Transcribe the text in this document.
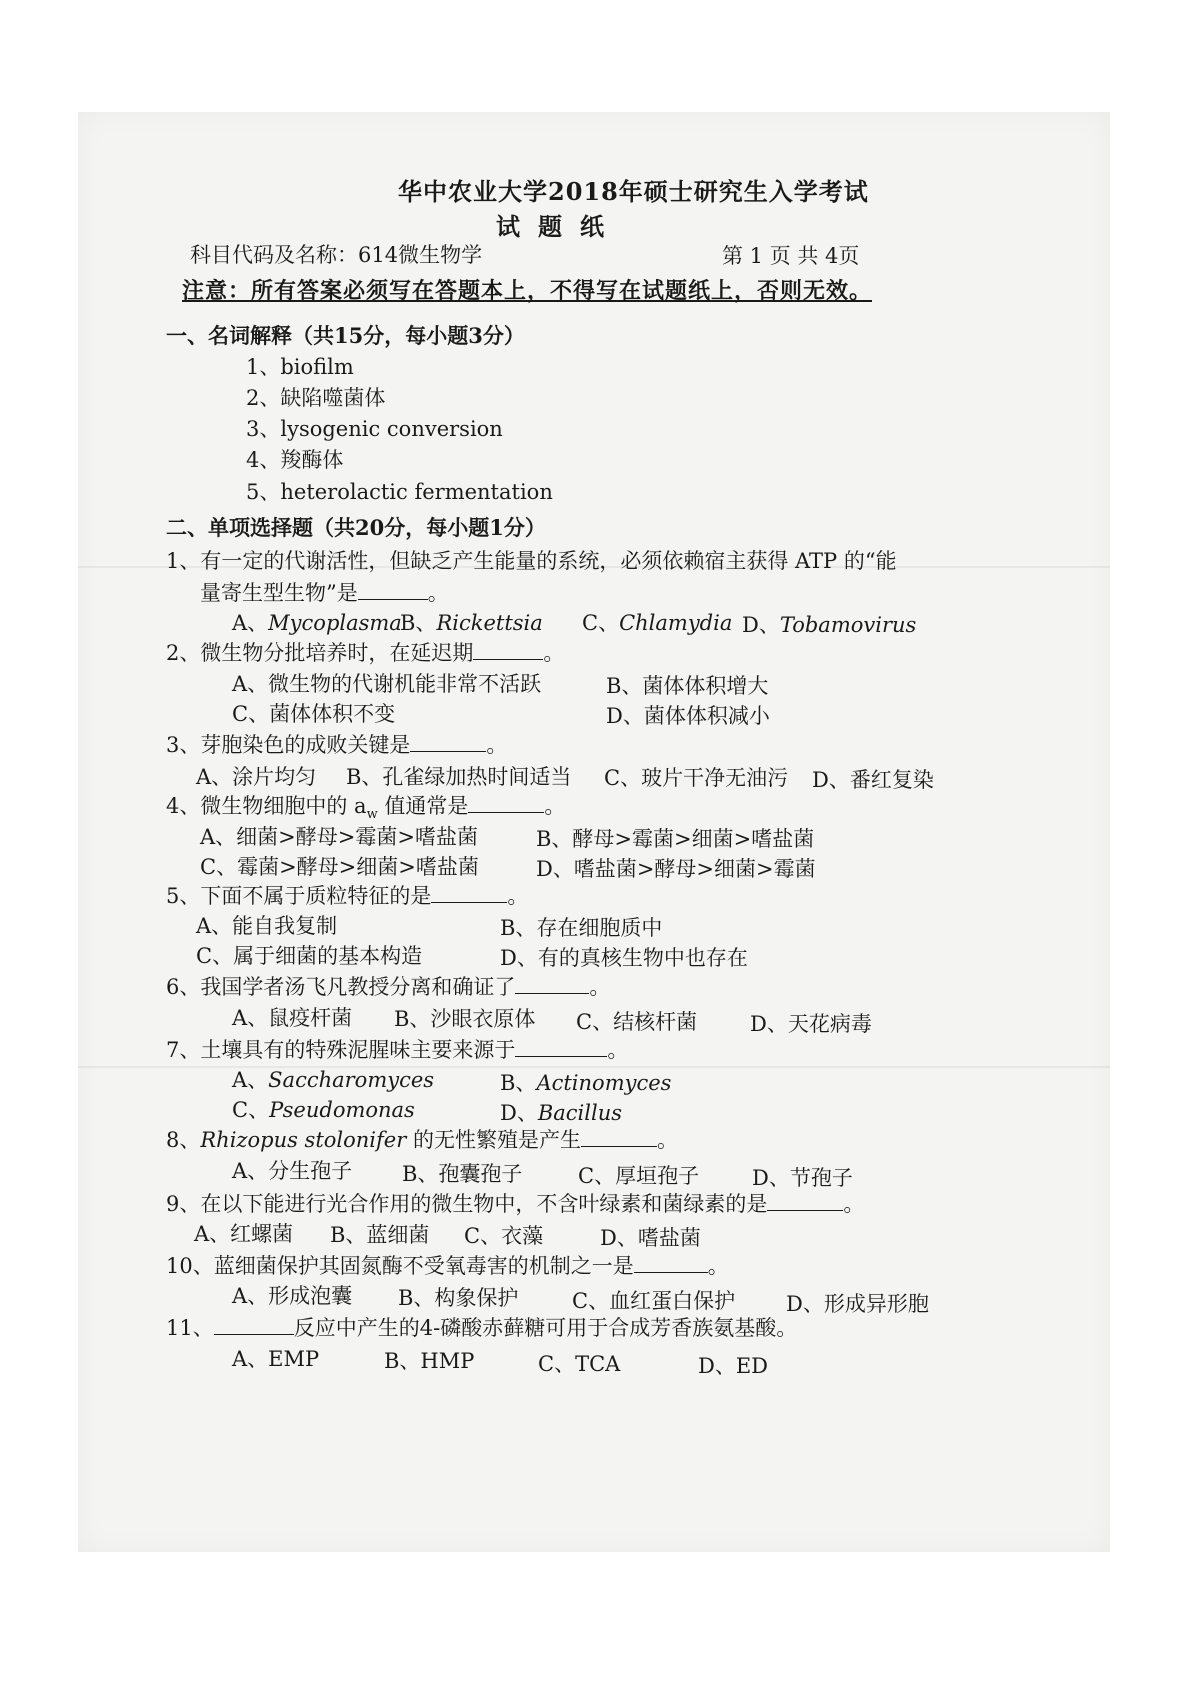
华中农业大学2018年硕士研究生入学考试
试题纸
科目代码及名称：614微生物学	第 1 页 共 4页
注意：所有答案必须写在答题本上，不得写在试题纸上，否则无效。
一、名词解释（共15分，每小题3分）
1、biofilm
2、缺陷噬菌体
3、lysogenic conversion
4、羧酶体
5、heterolactic fermentation
二、单项选择题（共20分，每小题1分）
1、有一定的代谢活性，但缺乏产生能量的系统，必须依赖宿主获得 ATP 的“能
量寄生型生物”是	。
A、Mycoplasma
B、Rickettsia C、Chlamydia D、Tobamovirus
2、微生物分批培养时，在延迟期	。
A、微生物的代谢机能非常不活跃	B、菌体体积增大
C、菌体体积不变	D、菌体体积减小
3、芽胞染色的成败关键是	。
A、涂片均匀 B、孔雀绿加热时间适当 C、玻片干净无油污 D、番红复染
4、微生物细胞中的 $a_w$ 值通常是	。
A、细菌>酵母>霉菌>嗜盐菌	B、酵母>霉菌>细菌>嗜盐菌
C、霉菌>酵母>细菌>嗜盐菌	D、嗜盐菌>酵母>细菌>霉菌
5、下面不属于质粒特征的是	。
A、能自我复制	B、存在细胞质中
C、属于细菌的基本构造	D、有的真核生物中也存在
6、我国学者汤飞凡教授分离和确证了	。
A、鼠疫杆菌 B、沙眼衣原体 C、结核杆菌	D、天花病毒
7、土壤具有的特殊泥腥味主要来源于	。
A、Saccharomyces	B、Actinomyces
C、Pseudomonas	D、Bacillus
8、Rhizopus stolonifer 的无性繁殖是产生	。
A、分生孢子 B、孢囊孢子	C、厚垣孢子	D、节孢子
9、在以下能进行光合作用的微生物中，不含叶绿素和菌绿素的是	。
A、红螺菌 B、蓝细菌 C、衣藻	D、嗜盐菌
10、蓝细菌保护其固氮酶不受氧毒害的机制之一是	。
A、形成泡囊 B、构象保护	C、血红蛋白保护 D、形成异形胞
11、	反应中产生的4-磷酸赤藓糖可用于合成芳香族氨基酸。
A、EMP	B、HMP	C、TCA	D、ED
